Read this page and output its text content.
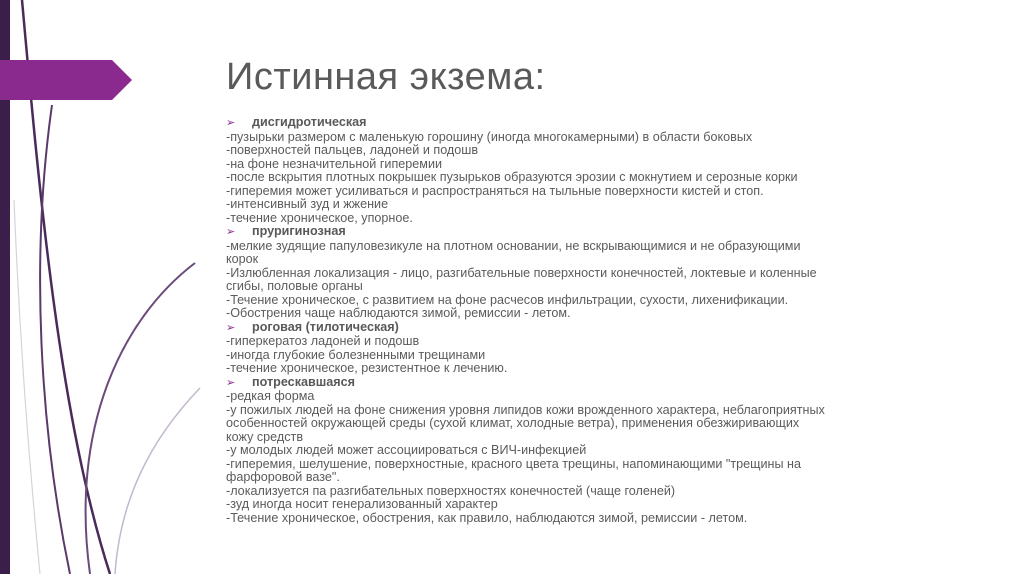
Истинная экзема:
➢ дисгидротическая
-пузырьки размером с маленькую горошину (иногда многокамерными) в области боковых
-поверхностей пальцев, ладоней и подошв
-на фоне незначительной гиперемии
-после вскрытия плотных покрышек пузырьков образуются эрозии с мокнутием и серозные корки
-гиперемия может усиливаться и распространяться на тыльные поверхности кистей и стоп.
-интенсивный зуд и жжение
-течение хроническое, упорное.
➢ пруригинозная
-мелкие зудящие папуловезикуле на плотном основании, не вскрывающимися и не образующими
корок
-Излюбленная локализация - лицо, разгибательные поверхности конечностей, локтевые и коленные
сгибы, половые органы
-Течение хроническое, с развитием на фоне расчесов инфильтрации, сухости, лихенификации.
-Обострения чаще наблюдаются зимой, ремиссии - летом.
➢ роговая (тилотическая)
-гиперкератоз ладоней и подошв
-иногда глубокие болезненными трещинами
-течение хроническое, резистентное к лечению.
➢ потрескавшаяся
-редкая форма
-у пожилых людей на фоне снижения уровня липидов кожи врожденного характера, неблагоприятных
особенностей окружающей среды (сухой климат, холодные ветра), применения обезжиривающих
кожу средств
-у молодых людей может ассоциироваться с ВИЧ-инфекцией
-гиперемия, шелушение, поверхностные, красного цвета трещины, напоминающими "трещины на
фарфоровой вазе".
-локализуется па разгибательных поверхностях конечностей (чаще голеней)
-зуд иногда носит генерализованный характер
-Течение хроническое, обострения, как правило, наблюдаются зимой, ремиссии - летом.
